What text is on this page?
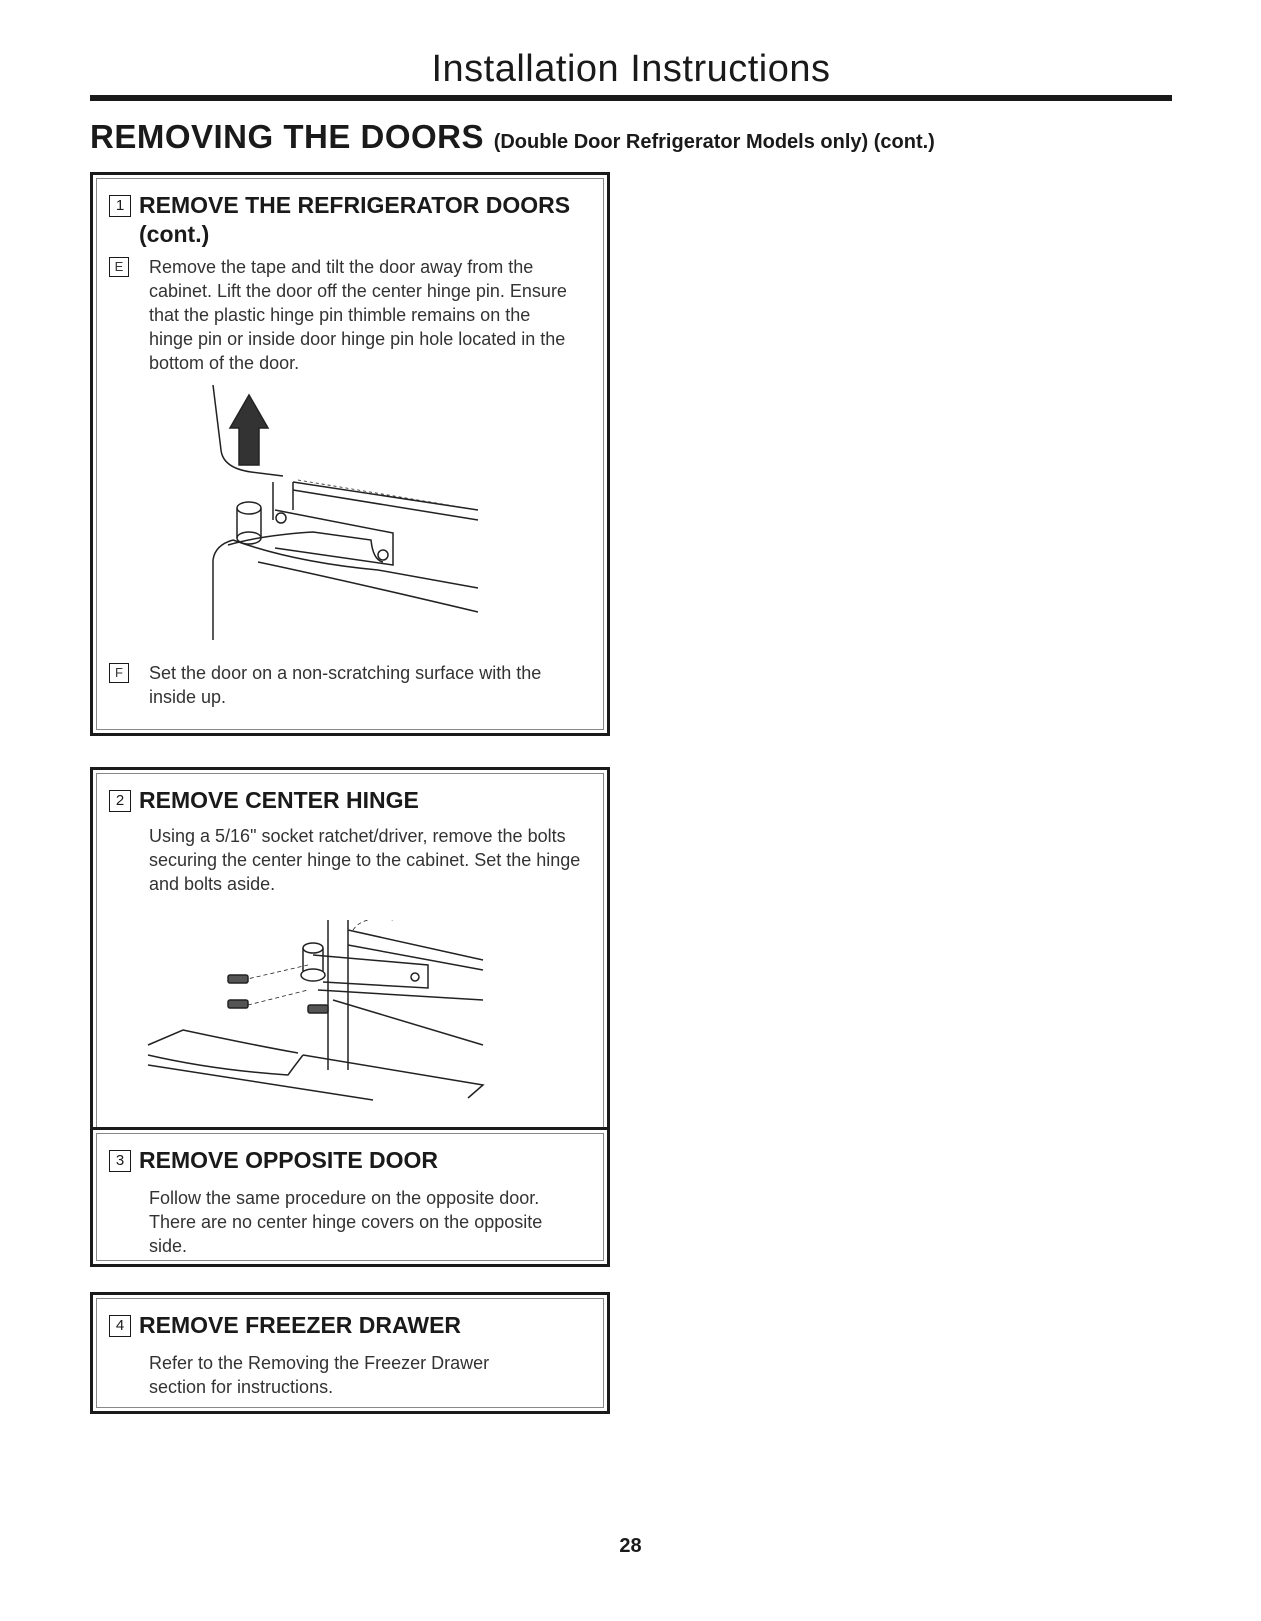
Installation Instructions
REMOVING THE DOORS (Double Door Refrigerator Models only) (cont.)
1 REMOVE THE REFRIGERATOR DOORS (cont.)
E	Remove the tape and tilt the door away from the cabinet. Lift the door off the center hinge pin. Ensure that the plastic hinge pin thimble remains on the hinge pin or inside door hinge pin hole located in the bottom of the door.
F	Set the door on a non-scratching surface with the inside up.
2 REMOVE CENTER HINGE
Using a 5/16" socket ratchet/driver, remove the bolts securing the center hinge to the cabinet. Set the hinge and bolts aside.
3 REMOVE OPPOSITE DOOR
Follow the same procedure on the opposite door. There are no center hinge covers on the opposite side.
4 REMOVE FREEZER DRAWER
Refer to the Removing the Freezer Drawer section for instructions.
28
